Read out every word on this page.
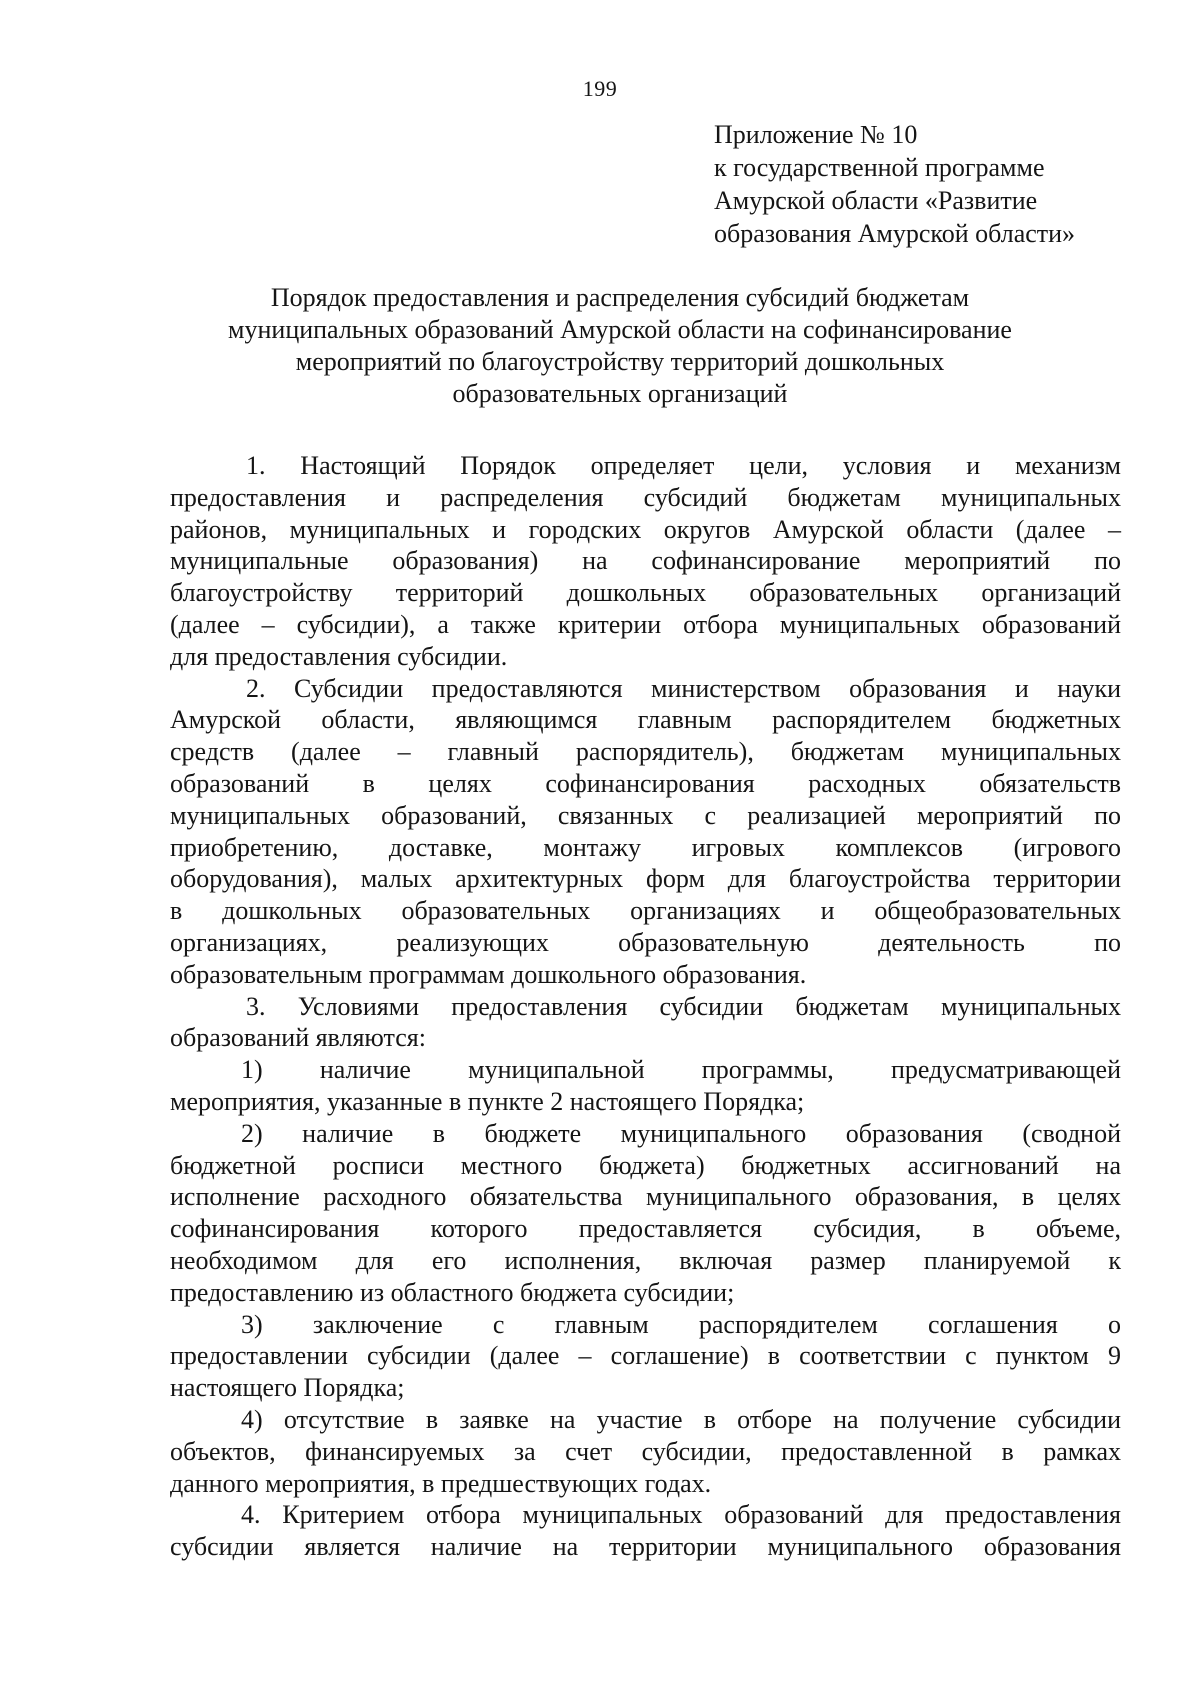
199
Приложение № 10
к государственной программе
Амурской области «Развитие
образования Амурской области»
Порядок предоставления и распределения субсидий бюджетам
муниципальных образований Амурской области на софинансирование
мероприятий по благоустройству территорий дошкольных
образовательных организаций
1. Настоящий Порядок определяет цели, условия и механизм
предоставления и распределения субсидий бюджетам муниципальных
районов, муниципальных и городских округов Амурской области (далее –
муниципальные образования) на софинансирование мероприятий по
благоустройству территорий дошкольных образовательных организаций
(далее – субсидии), а также критерии отбора муниципальных образований
для предоставления субсидии.
2. Субсидии предоставляются министерством образования и науки
Амурской области, являющимся главным распорядителем бюджетных
средств (далее – главный распорядитель), бюджетам муниципальных
образований в целях софинансирования расходных обязательств
муниципальных образований, связанных с реализацией мероприятий по
приобретению, доставке, монтажу игровых комплексов (игрового
оборудования), малых архитектурных форм для благоустройства территории
в дошкольных образовательных организациях и общеобразовательных
организациях, реализующих образовательную деятельность по
образовательным программам дошкольного образования.
3. Условиями предоставления субсидии бюджетам муниципальных
образований являются:
1) наличие муниципальной программы, предусматривающей
мероприятия, указанные в пункте 2 настоящего Порядка;
2) наличие в бюджете муниципального образования (сводной
бюджетной росписи местного бюджета) бюджетных ассигнований на
исполнение расходного обязательства муниципального образования, в целях
софинансирования которого предоставляется субсидия, в объеме,
необходимом для его исполнения, включая размер планируемой к
предоставлению из областного бюджета субсидии;
3) заключение с главным распорядителем соглашения о
предоставлении субсидии (далее – соглашение) в соответствии с пунктом 9
настоящего Порядка;
4) отсутствие в заявке на участие в отборе на получение субсидии
объектов, финансируемых за счет субсидии, предоставленной в рамках
данного мероприятия, в предшествующих годах.
4. Критерием отбора муниципальных образований для предоставления
субсидии является наличие на территории муниципального образования
